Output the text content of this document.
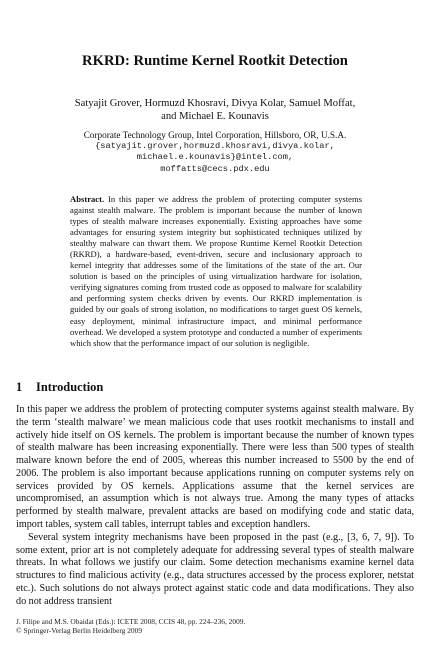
RKRD: Runtime Kernel Rootkit Detection
Satyajit Grover, Hormuzd Khosravi, Divya Kolar, Samuel Moffat,
and Michael E. Kounavis
Corporate Technology Group, Intel Corporation, Hillsboro, OR, U.S.A.
{satyajit.grover,hormuzd.khosravi,divya.kolar,
michael.e.kounavis}@intel.com,
moffatts@cecs.pdx.edu
Abstract. In this paper we address the problem of protecting computer systems against stealth malware. The problem is important because the number of known types of stealth malware increases exponentially. Existing approaches have some advantages for ensuring system integrity but sophisticated techniques utilized by stealthy malware can thwart them. We propose Runtime Kernel Rootkit Detection (RKRD), a hardware-based, event-driven, secure and inclusionary approach to kernel integrity that addresses some of the limitations of the state of the art. Our solution is based on the principles of using virtualization hardware for isolation, verifying signatures coming from trusted code as opposed to malware for scalability and performing system checks driven by events. Our RKRD implementation is guided by our goals of strong isolation, no modifications to target guest OS kernels, easy deployment, minimal infrastructure impact, and minimal performance overhead. We developed a system prototype and conducted a number of experiments which show that the performance impact of our solution is negligible.
1 Introduction

In this paper we address the problem of protecting computer systems against stealth malware. By the term ‘stealth malware’ we mean malicious code that uses rootkit mechanisms to install and actively hide itself on OS kernels. The problem is important because the number of known types of stealth malware has been increasing exponentially. There were less than 500 types of stealth malware known before the end of 2005, whereas this number increased to 5500 by the end of 2006. The problem is also important because applications running on computer systems rely on services provided by OS kernels. Applications assume that the kernel services are uncompromised, an assumption which is not always true. Among the many types of attacks performed by stealth malware, prevalent attacks are based on modifying code and static data, import tables, system call tables, interrupt tables and exception handlers.

Several system integrity mechanisms have been proposed in the past (e.g., [3, 6, 7, 9]). To some extent, prior art is not completely adequate for addressing several types of stealth malware threats. In what follows we justify our claim. Some detection mechanisms examine kernel data structures to find malicious activity (e.g., data structures accessed by the process explorer, netstat etc.). Such solutions do not always protect against static code and data modifications. They also do not address transient

J. Filipe and M.S. Obaidat (Eds.): ICETE 2008, CCIS 48, pp. 224–236, 2009.
© Springer-Verlag Berlin Heidelberg 2009
